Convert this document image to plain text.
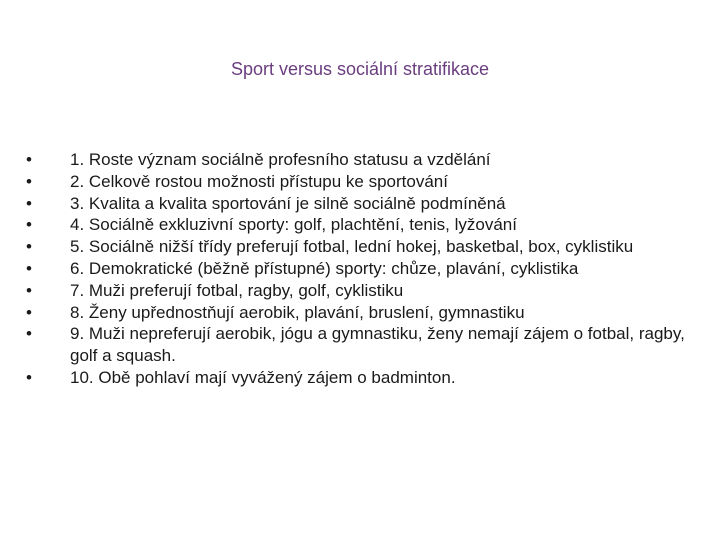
Sport versus sociální stratifikace
•	1. Roste význam sociálně profesního statusu a vzdělání
•	2. Celkově rostou možnosti přístupu ke sportování
•	3. Kvalita a kvalita sportování je silně sociálně podmíněná
•	4. Sociálně exkluzivní sporty: golf, plachtění, tenis, lyžování
•	5. Sociálně nižší třídy preferují fotbal, lední hokej, basketbal, box, cyklistiku
•	6. Demokratické (běžně přístupné) sporty: chůze, plavání, cyklistika
•	7. Muži preferují fotbal, ragby, golf, cyklistiku
•	8. Ženy upřednostňují aerobik, plavání, bruslení, gymnastiku
•	9. Muži nepreferují aerobik, jógu a gymnastiku, ženy nemají zájem o fotbal, ragby, golf a squash.
•	10. Obě pohlaví mají vyvážený zájem o badminton.
